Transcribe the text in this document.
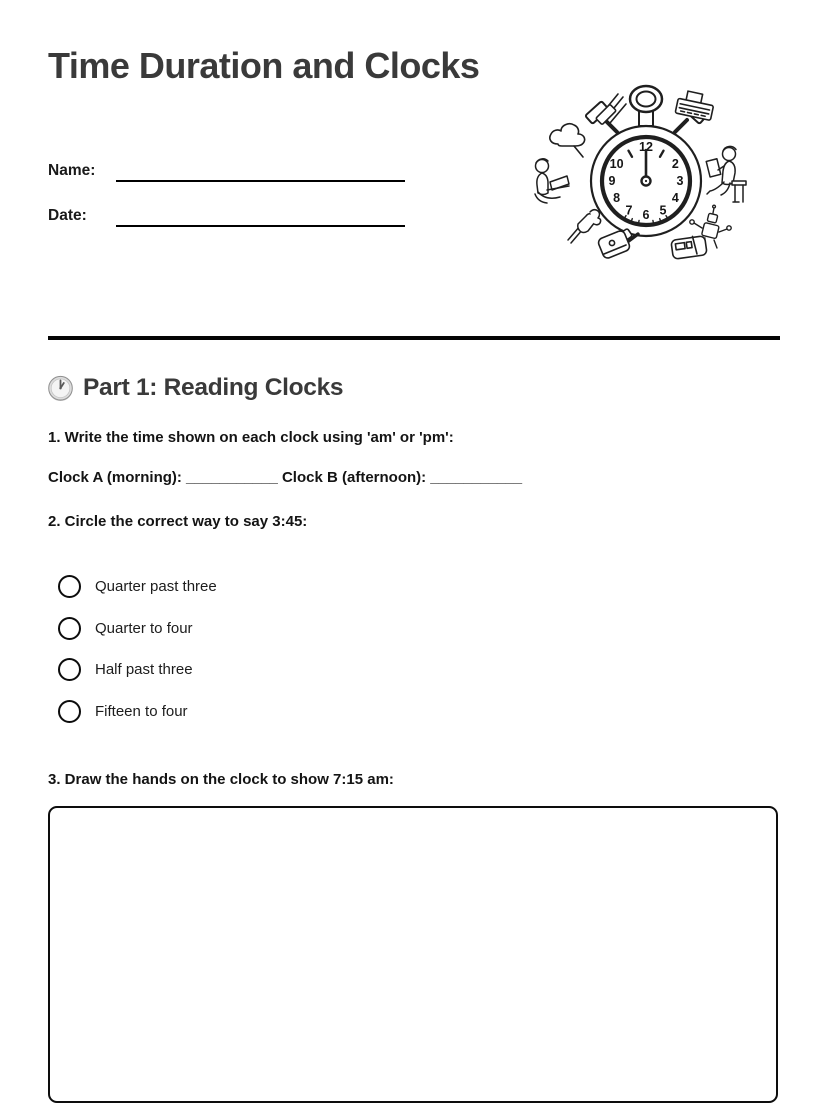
Time Duration and Clocks
Name:
Date:
12
2
3
4
5
6
7
8
9
10
Part 1: Reading Clocks
1. Write the time shown on each clock using 'am' or 'pm':
Clock A (morning): ___________ Clock B (afternoon): ___________
2. Circle the correct way to say 3:45:
Quarter past three
Quarter to four
Half past three
Fifteen to four
3. Draw the hands on the clock to show 7:15 am:
